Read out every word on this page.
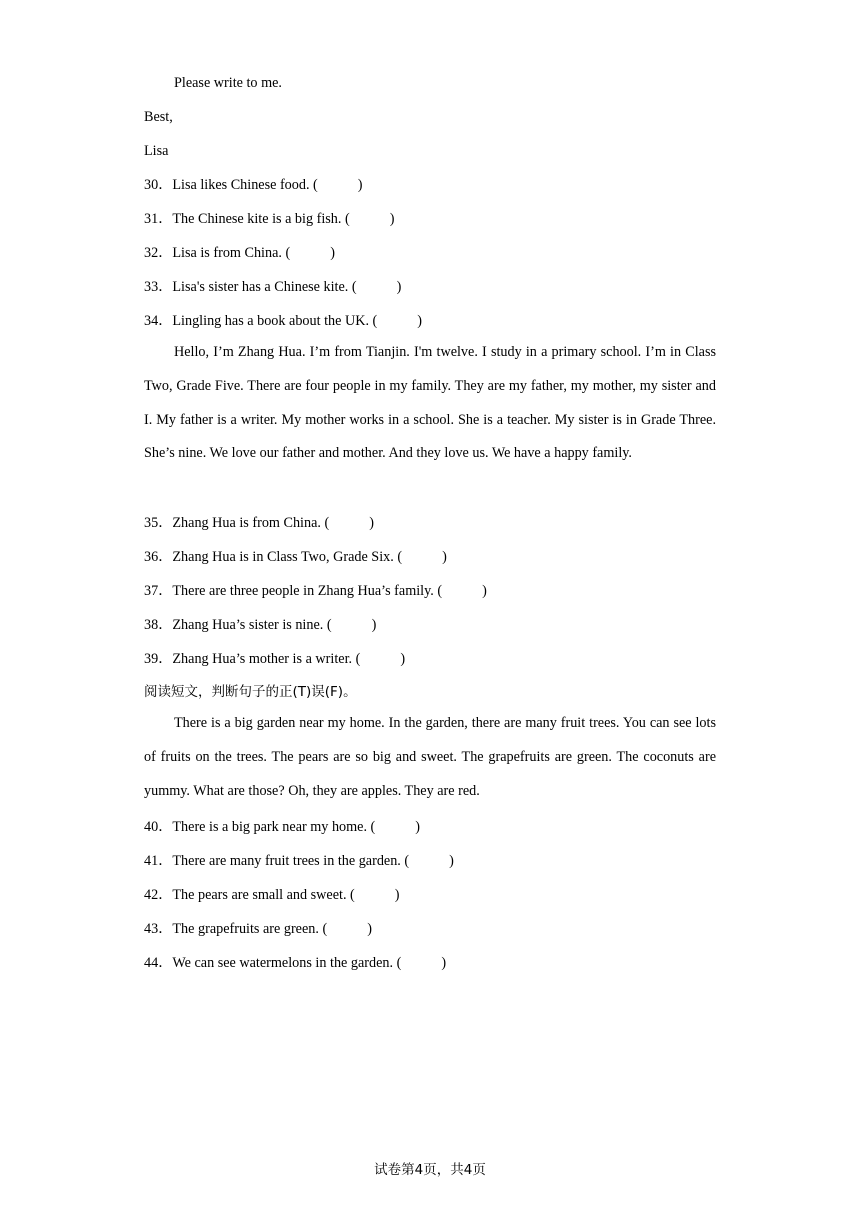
Please write to me.
Best,
Lisa
30．Lisa likes Chinese food. (	)
31．The Chinese kite is a big fish. (	)
32．Lisa is from China. (	)
33．Lisa's sister has a Chinese kite. (	)
34．Lingling has a book about the UK. (	)
Hello, I’m Zhang Hua. I’m from Tianjin. I'm twelve. I study in a primary school. I’m in Class Two, Grade Five. There are four people in my family. They are my father, my mother, my sister and I. My father is a writer. My mother works in a school. She is a teacher. My sister is in Grade Three. She’s nine. We love our father and mother. And they love us. We have a happy family.
35．Zhang Hua is from China. (	)
36．Zhang Hua is in Class Two, Grade Six. (	)
37．There are three people in Zhang Hua’s family. (	)
38．Zhang Hua’s sister is nine. (	)
39．Zhang Hua’s mother is a writer. (	)
阅读短文，判断句子的正(T)误(F)。
There is a big garden near my home. In the garden, there are many fruit trees. You can see lots of fruits on the trees. The pears are so big and sweet. The grapefruits are green. The coconuts are yummy. What are those? Oh, they are apples. They are red.
40．There is a big park near my home. (	)
41．There are many fruit trees in the garden. (	)
42．The pears are small and sweet. (	)
43．The grapefruits are green. (	)
44．We can see watermelons in the garden. (	)
试卷第4页，共4页
